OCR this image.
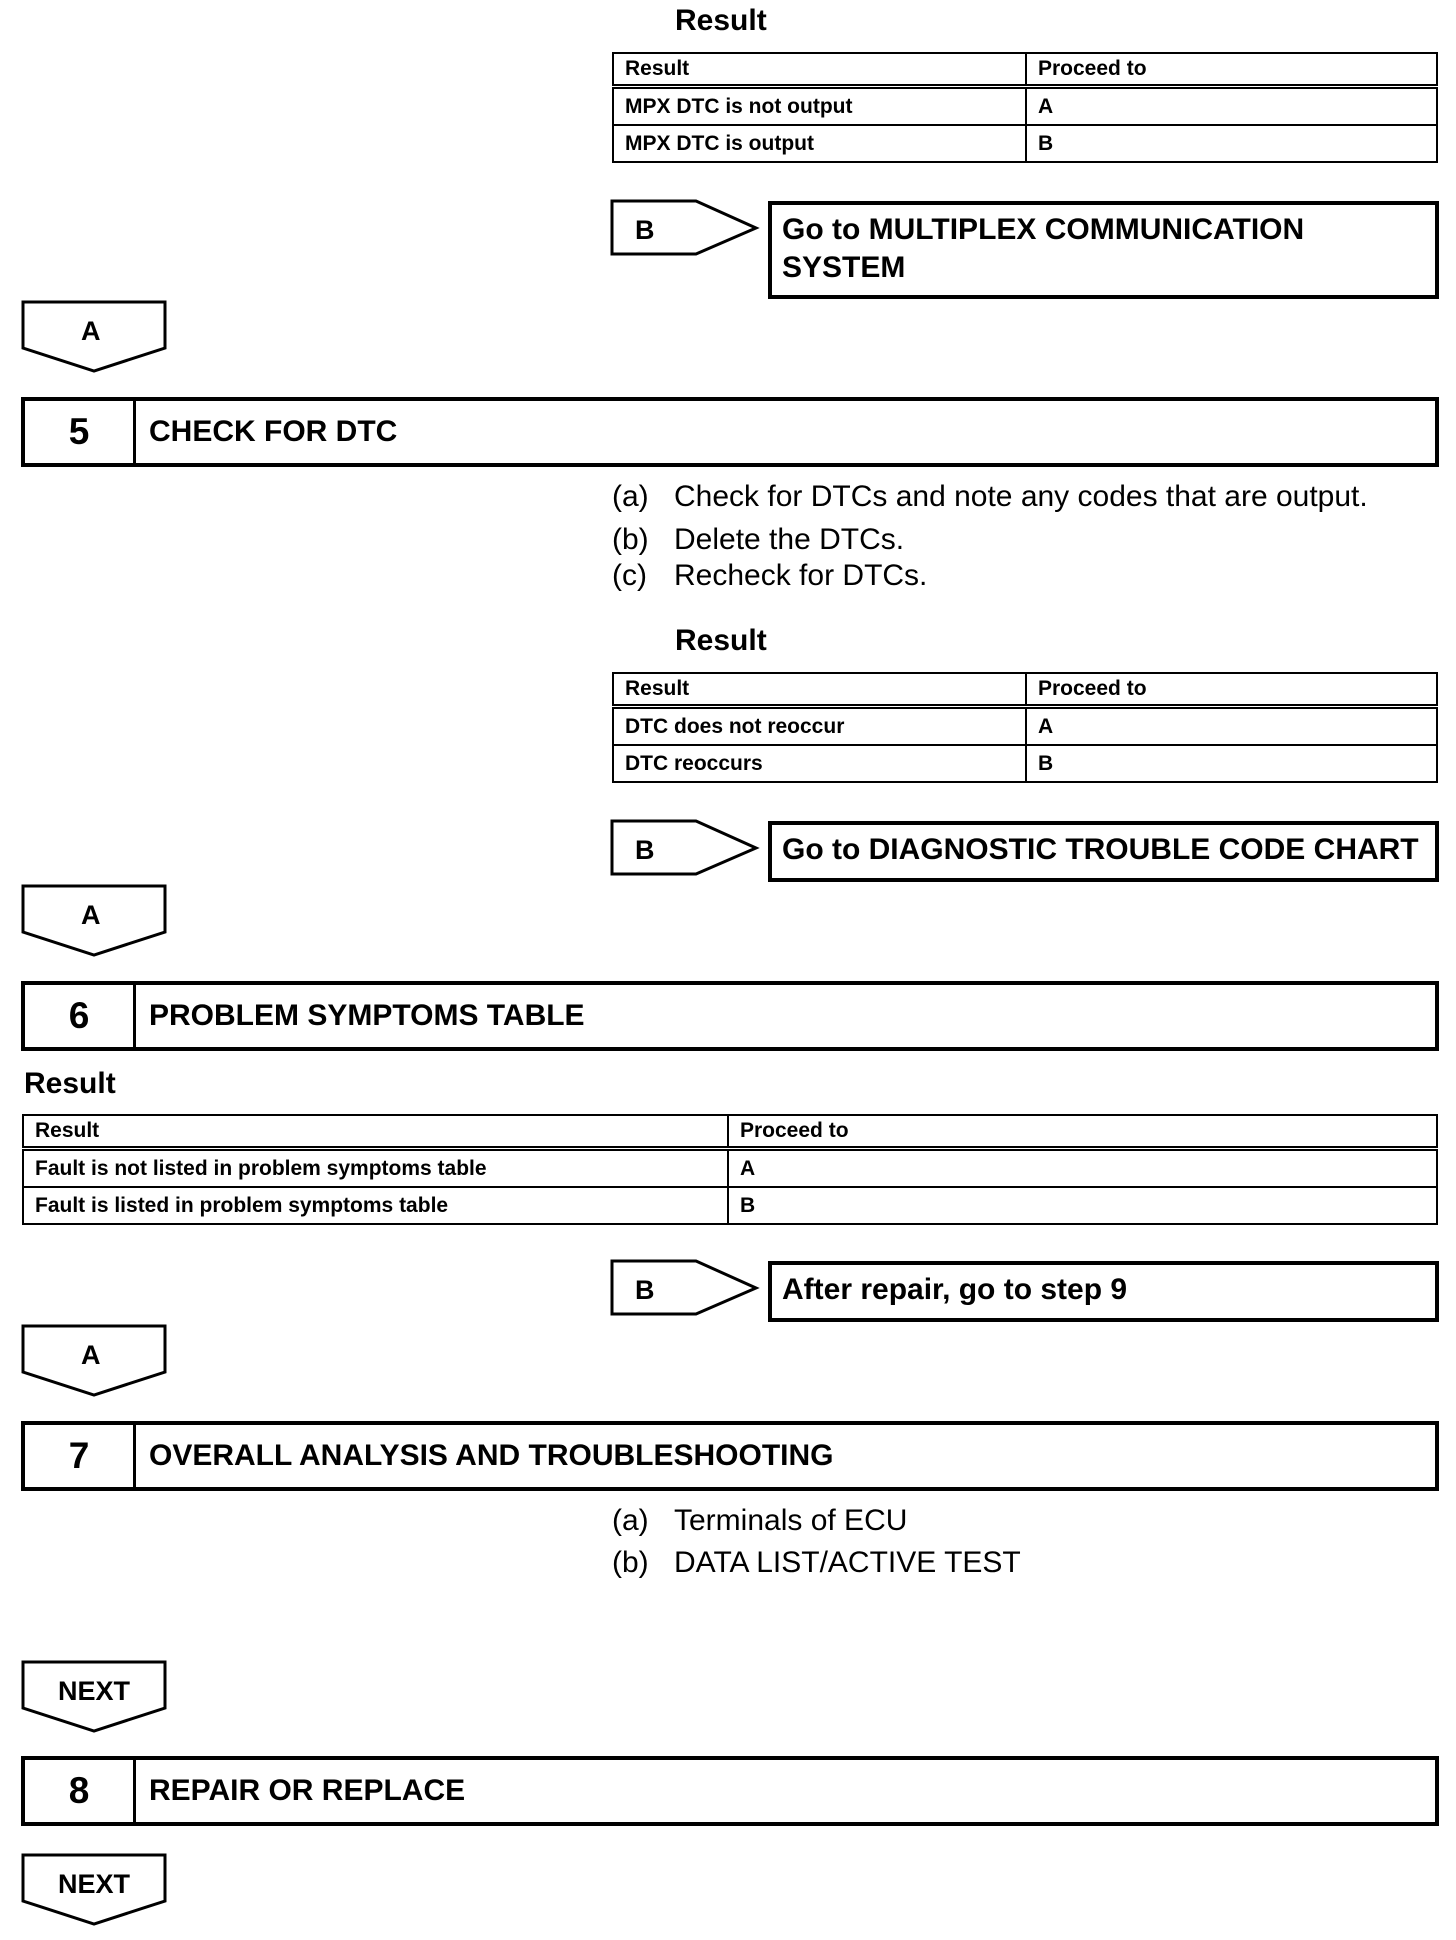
Result
Result	Proceed to
MPX DTC is not output	A
MPX DTC is output	B
B	Go to MULTIPLEX COMMUNICATION SYSTEM
A
5	CHECK FOR DTC
(a) Check for DTCs and note any codes that are output.
(b) Delete the DTCs.
(c) Recheck for DTCs.
Result
Result	Proceed to
DTC does not reoccur	A
DTC reoccurs	B
B	Go to DIAGNOSTIC TROUBLE CODE CHART
A
6	PROBLEM SYMPTOMS TABLE
Result
Result	Proceed to
Fault is not listed in problem symptoms table	A
Fault is listed in problem symptoms table	B
B	After repair, go to step 9
A
7	OVERALL ANALYSIS AND TROUBLESHOOTING
(a) Terminals of ECU
(b) DATA LIST/ACTIVE TEST
NEXT
8	REPAIR OR REPLACE
NEXT
